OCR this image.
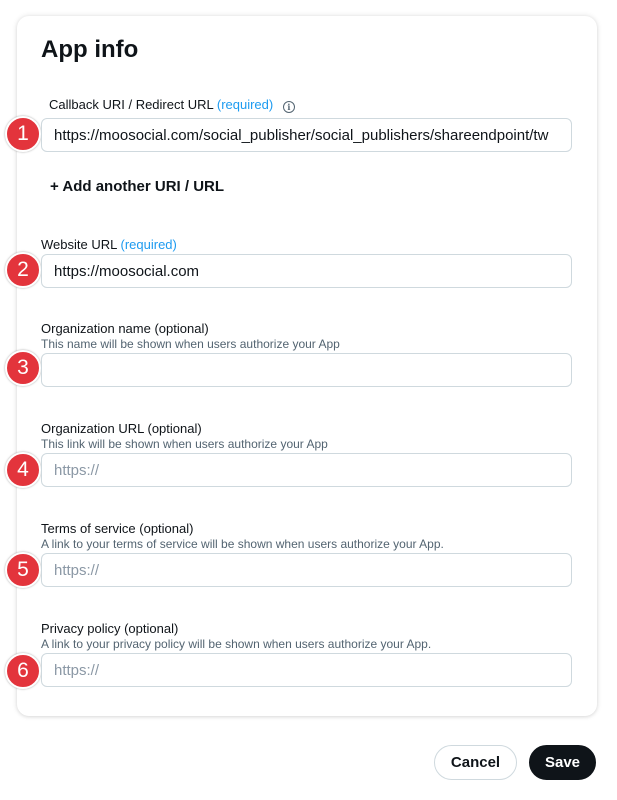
App info
Callback URI / Redirect URL (required) i
1
https://moosocial.com/social_publisher/social_publishers/shareendpoint/tw
+ Add another URI / URL
Website URL (required)
2
https://moosocial.com
Organization name (optional)
This name will be shown when users authorize your App
3
Organization URL (optional)
This link will be shown when users authorize your App
4
https://
Terms of service (optional)
A link to your terms of service will be shown when users authorize your App.
5
https://
Privacy policy (optional)
A link to your privacy policy will be shown when users authorize your App.
6
https://
Cancel	Save
